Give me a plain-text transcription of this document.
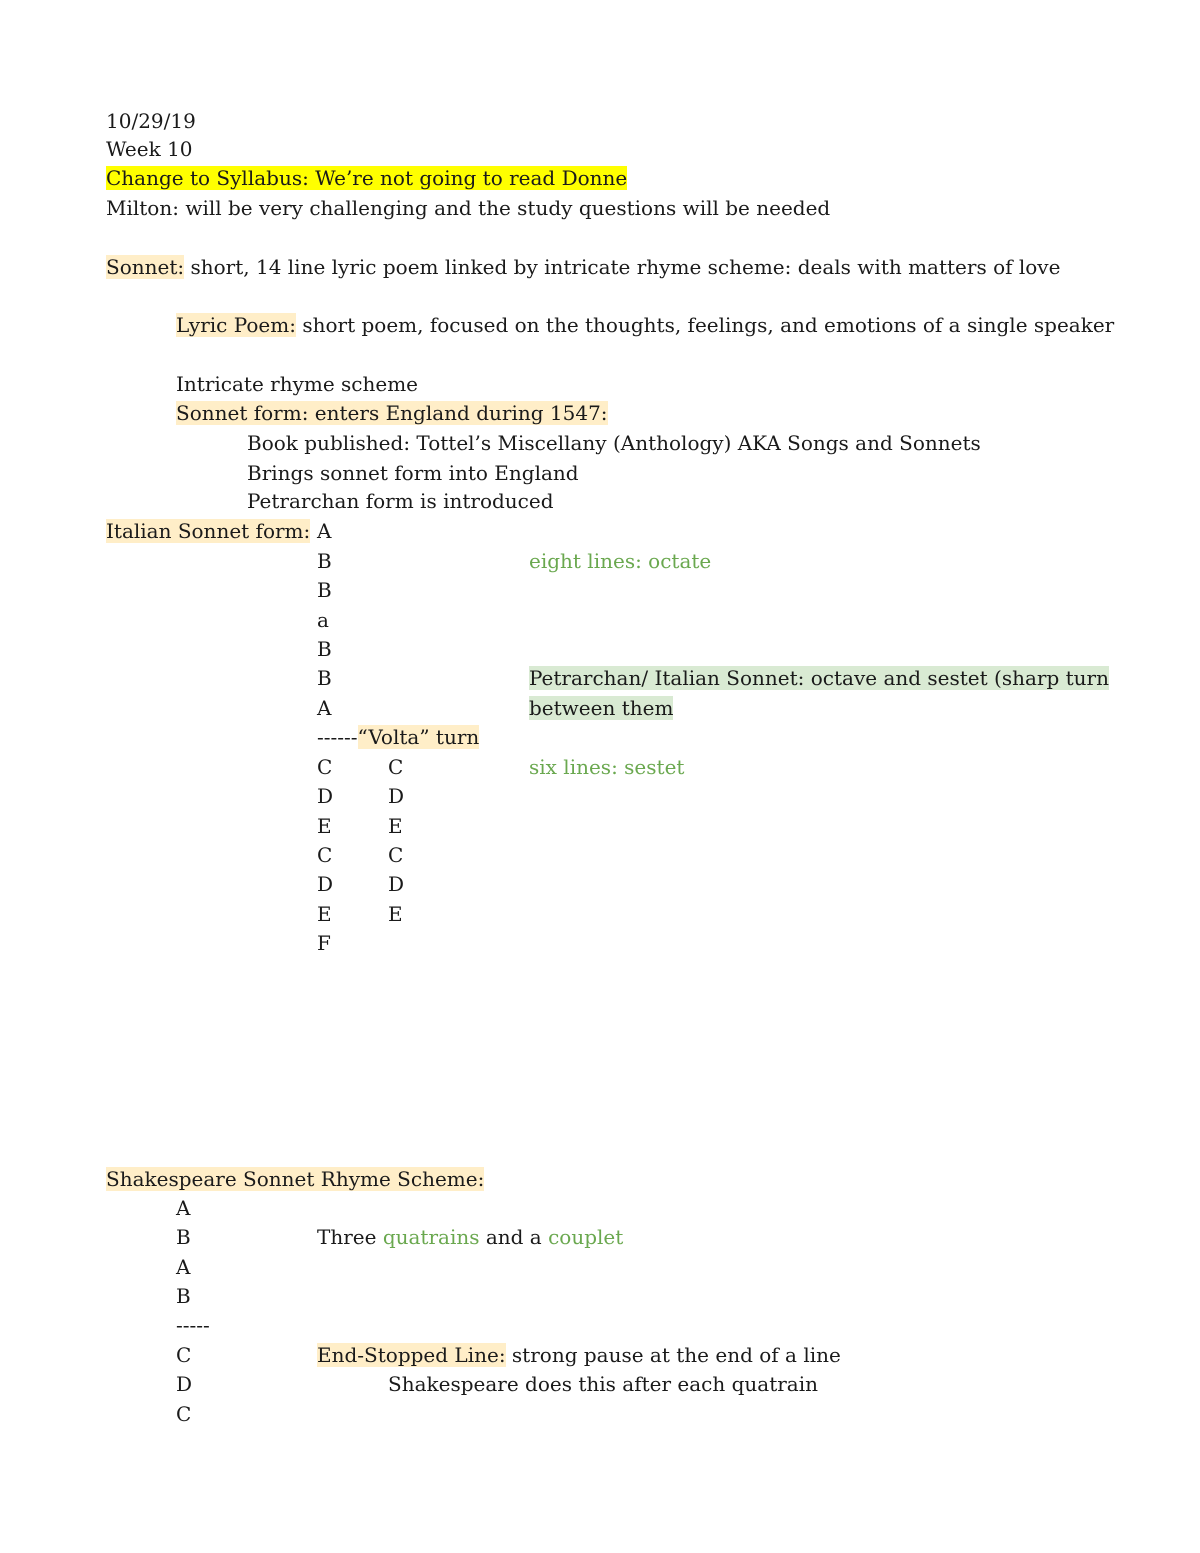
10/29/19
Week 10
Change to Syllabus: We’re not going to read Donne
Milton: will be very challenging and the study questions will be needed
Sonnet: short, 14 line lyric poem linked by intricate rhyme scheme: deals with matters of love
Lyric Poem: short poem, focused on the thoughts, feelings, and emotions of a single speaker
Intricate rhyme scheme
Sonnet form: enters England during 1547:
Book published: Tottel’s Miscellany (Anthology) AKA Songs and Sonnets
Brings sonnet form into England
Petrarchan form is introduced
Italian Sonnet form: A
B
B
a
B
B
A
------“Volta” turn
C
D
E
C
D
E
F
C
D
E
C
D
E
eight lines: octate
Petrarchan/ Italian Sonnet: octave and sestet (sharp turn
between them
six lines: sestet
Shakespeare Sonnet Rhyme Scheme:
A
B
A
B
-----
C
D
C
Three quatrains and a couplet
End-Stopped Line: strong pause at the end of a line
Shakespeare does this after each quatrain
